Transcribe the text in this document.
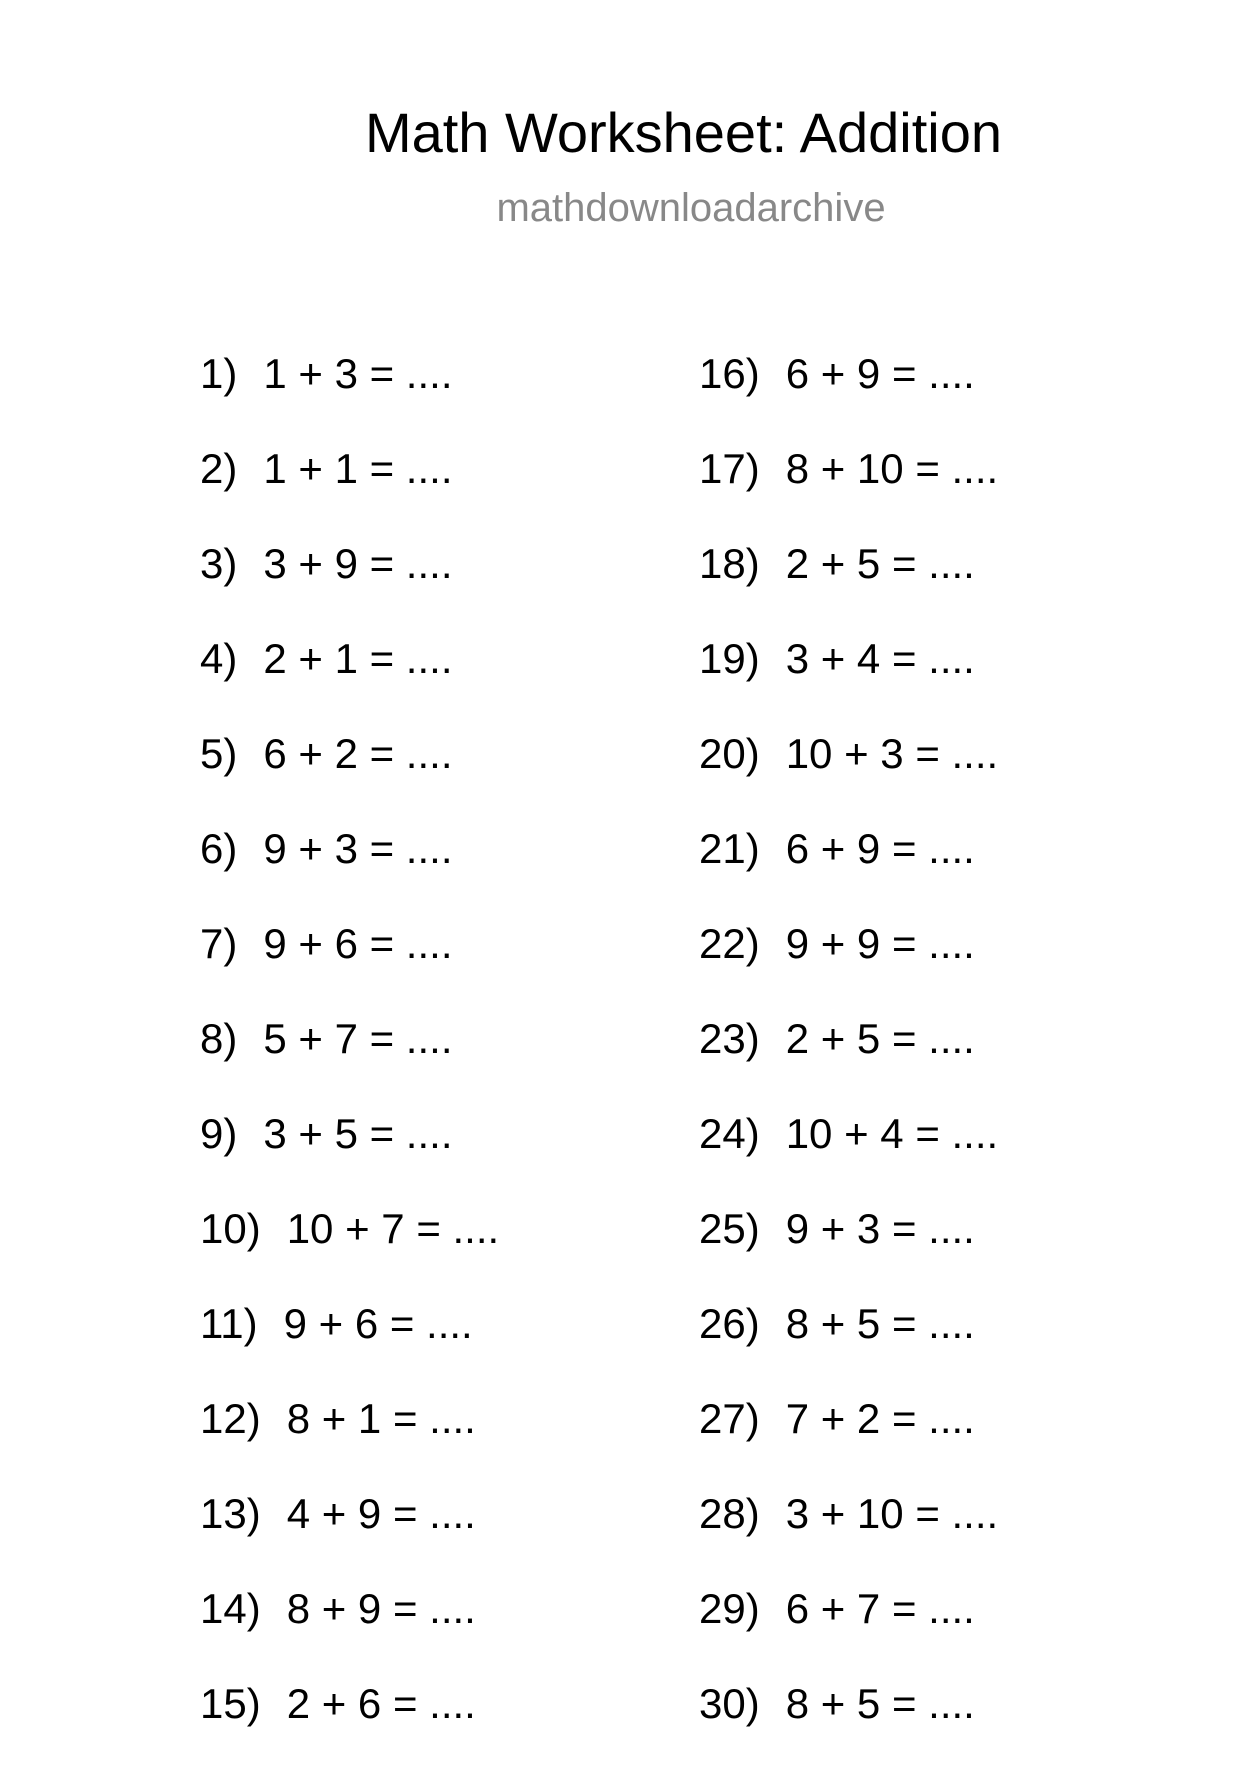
Math Worksheet: Addition
mathdownloadarchive
1) 1 + 3 = ....
2) 1 + 1 = ....
3) 3 + 9 = ....
4) 2 + 1 = ....
5) 6 + 2 = ....
6) 9 + 3 = ....
7) 9 + 6 = ....
8) 5 + 7 = ....
9) 3 + 5 = ....
10) 10 + 7 = ....
11) 9 + 6 = ....
12) 8 + 1 = ....
13) 4 + 9 = ....
14) 8 + 9 = ....
15) 2 + 6 = ....
16) 6 + 9 = ....
17) 8 + 10 = ....
18) 2 + 5 = ....
19) 3 + 4 = ....
20) 10 + 3 = ....
21) 6 + 9 = ....
22) 9 + 9 = ....
23) 2 + 5 = ....
24) 10 + 4 = ....
25) 9 + 3 = ....
26) 8 + 5 = ....
27) 7 + 2 = ....
28) 3 + 10 = ....
29) 6 + 7 = ....
30) 8 + 5 = ....
